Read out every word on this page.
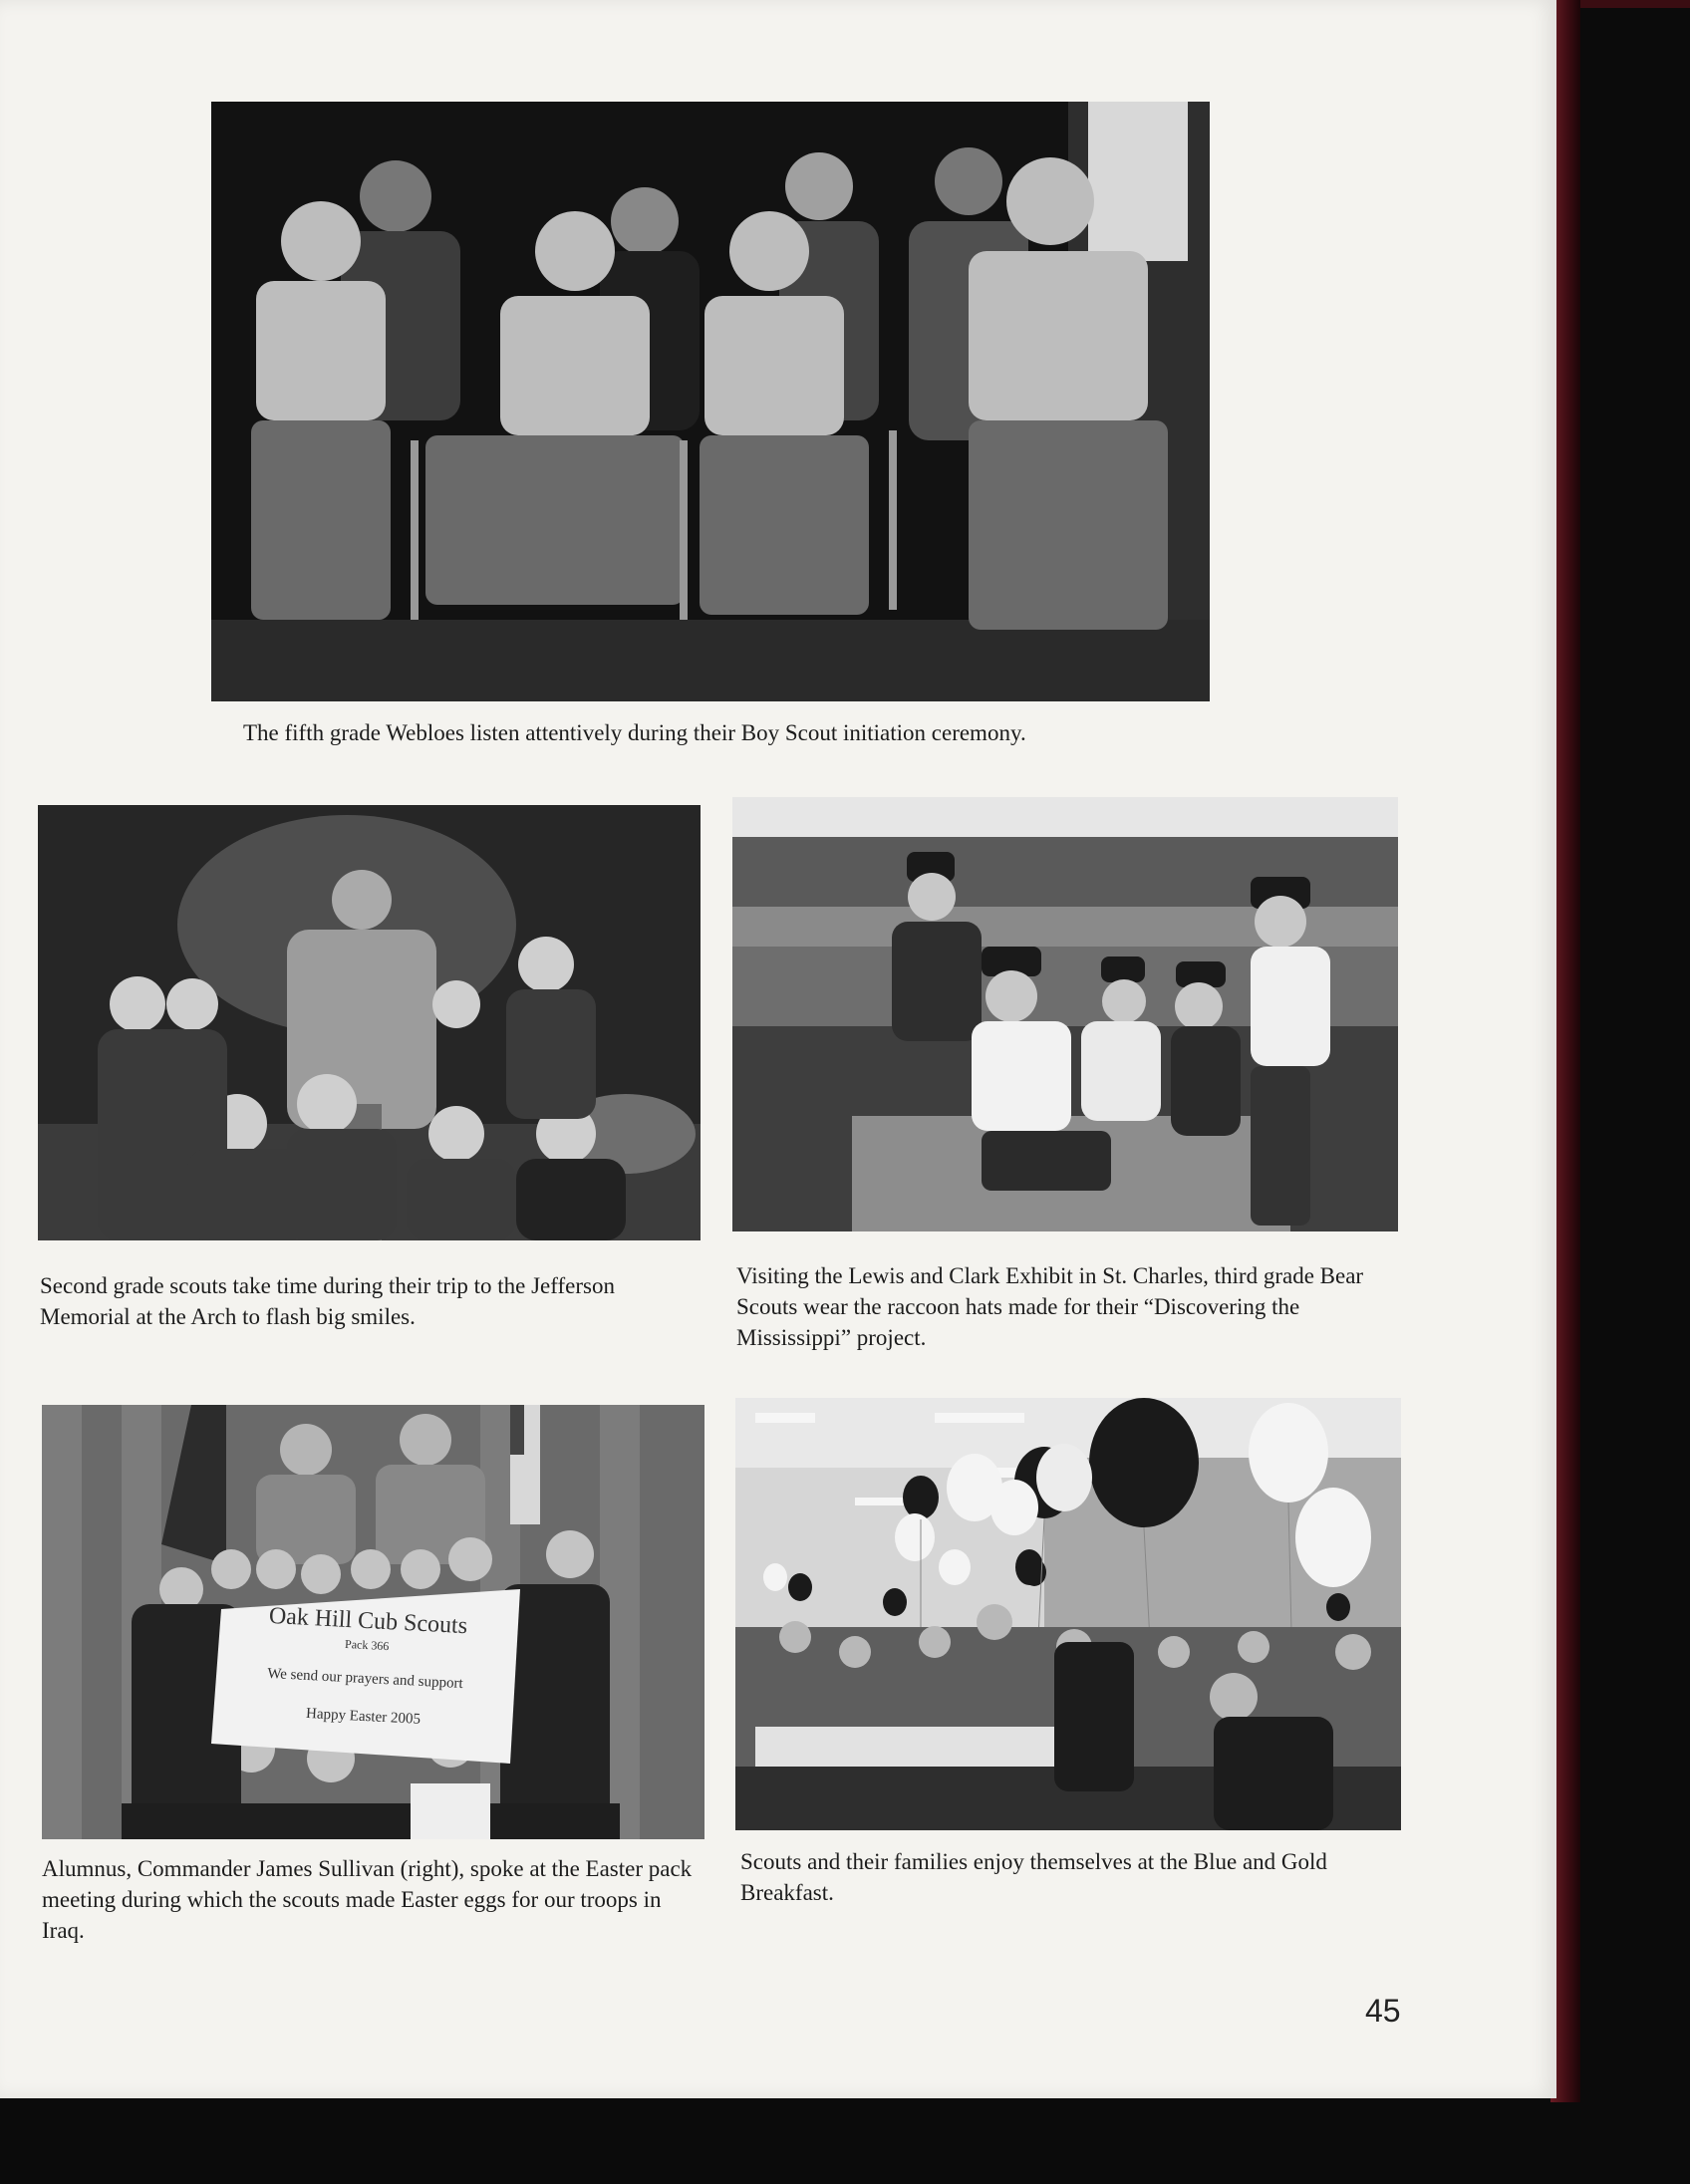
The fifth grade Webloes listen attentively during their Boy Scout initiation ceremony.

Second grade scouts take time during their trip to the Jefferson Memorial at the Arch to flash big smiles.

Visiting the Lewis and Clark Exhibit in St. Charles, third grade Bear Scouts wear the raccoon hats made for their “Discovering the Mississippi” project.

Oak Hill Cub Scouts
Pack 366
We send our prayers and support
Happy Easter 2005

Alumnus, Commander James Sullivan (right), spoke at the Easter pack meeting during which the scouts made Easter eggs for our troops in Iraq.

Scouts and their families enjoy themselves at the Blue and Gold Breakfast.

45
